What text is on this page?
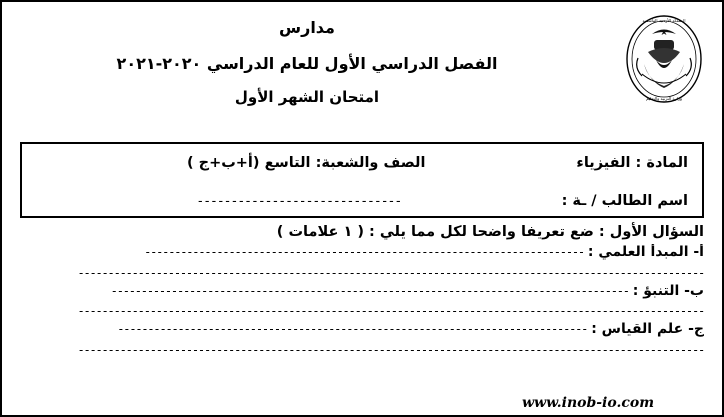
المملكة الأردنية الهاشمية
وزارة التربية والتعليم
مدارس
الفصل الدراسي الأول للعام الدراسي ٢٠٢٠-٢٠٢١
امتحان الشهر الأول
المادة : الفيزياء
الصف والشعبة: التاسع (أ+ب+ج )
اسم الطالب / ـة :
------------------------------
السؤال الأول : ضع تعريفا واضحا لكل مما يلي : ( ١ علامات )
أ- المبدأ العلمي :
-------------------------------------------------------------------------
--------------------------------------------------------------------------------------------------------
ب- التنبؤ :
--------------------------------------------------------------------------------------
--------------------------------------------------------------------------------------------------------
ج- علم القياس :
------------------------------------------------------------------------------
--------------------------------------------------------------------------------------------------------
www.inob-io.com
